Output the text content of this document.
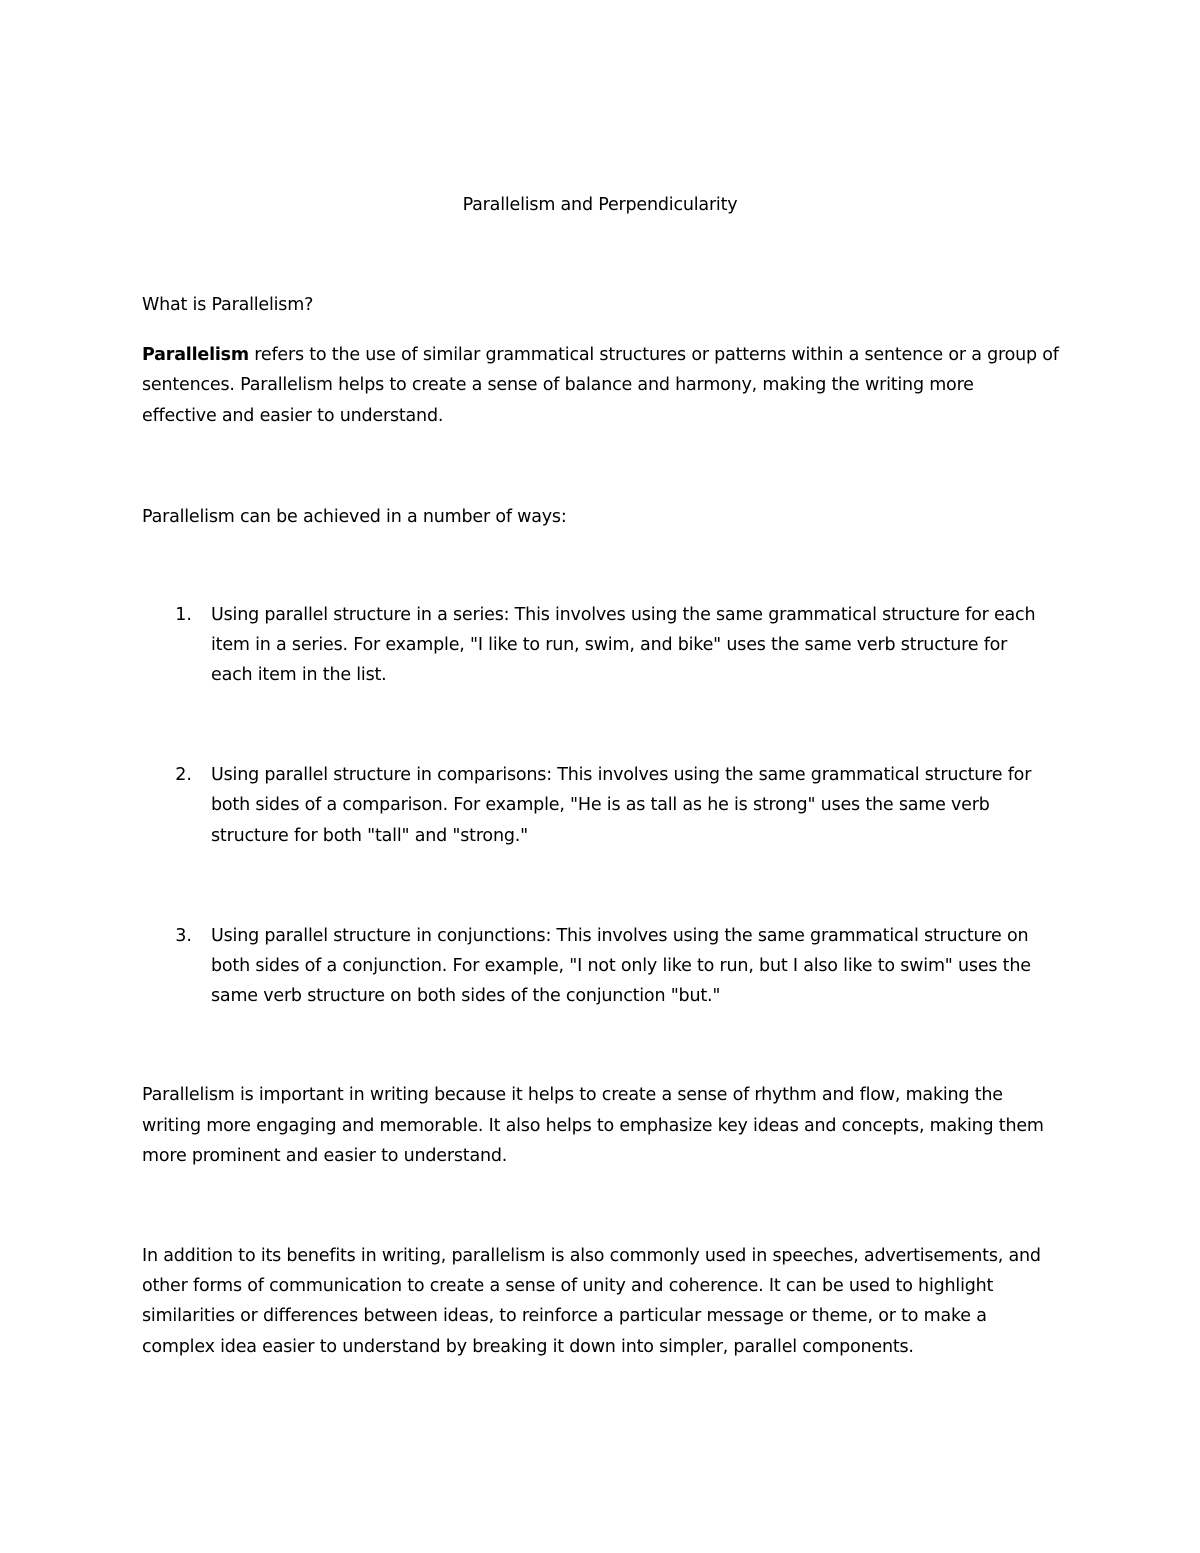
Parallelism and Perpendicularity
What is Parallelism?
Parallelism refers to the use of similar grammatical structures or patterns within a sentence or a group of
sentences. Parallelism helps to create a sense of balance and harmony, making the writing more
effective and easier to understand.
Parallelism can be achieved in a number of ways:
1. Using parallel structure in a series: This involves using the same grammatical structure for each
item in a series. For example, "I like to run, swim, and bike" uses the same verb structure for
each item in the list.
2. Using parallel structure in comparisons: This involves using the same grammatical structure for
both sides of a comparison. For example, "He is as tall as he is strong" uses the same verb
structure for both "tall" and "strong."
3. Using parallel structure in conjunctions: This involves using the same grammatical structure on
both sides of a conjunction. For example, "I not only like to run, but I also like to swim" uses the
same verb structure on both sides of the conjunction "but."
Parallelism is important in writing because it helps to create a sense of rhythm and flow, making the
writing more engaging and memorable. It also helps to emphasize key ideas and concepts, making them
more prominent and easier to understand.
In addition to its benefits in writing, parallelism is also commonly used in speeches, advertisements, and
other forms of communication to create a sense of unity and coherence. It can be used to highlight
similarities or differences between ideas, to reinforce a particular message or theme, or to make a
complex idea easier to understand by breaking it down into simpler, parallel components.
